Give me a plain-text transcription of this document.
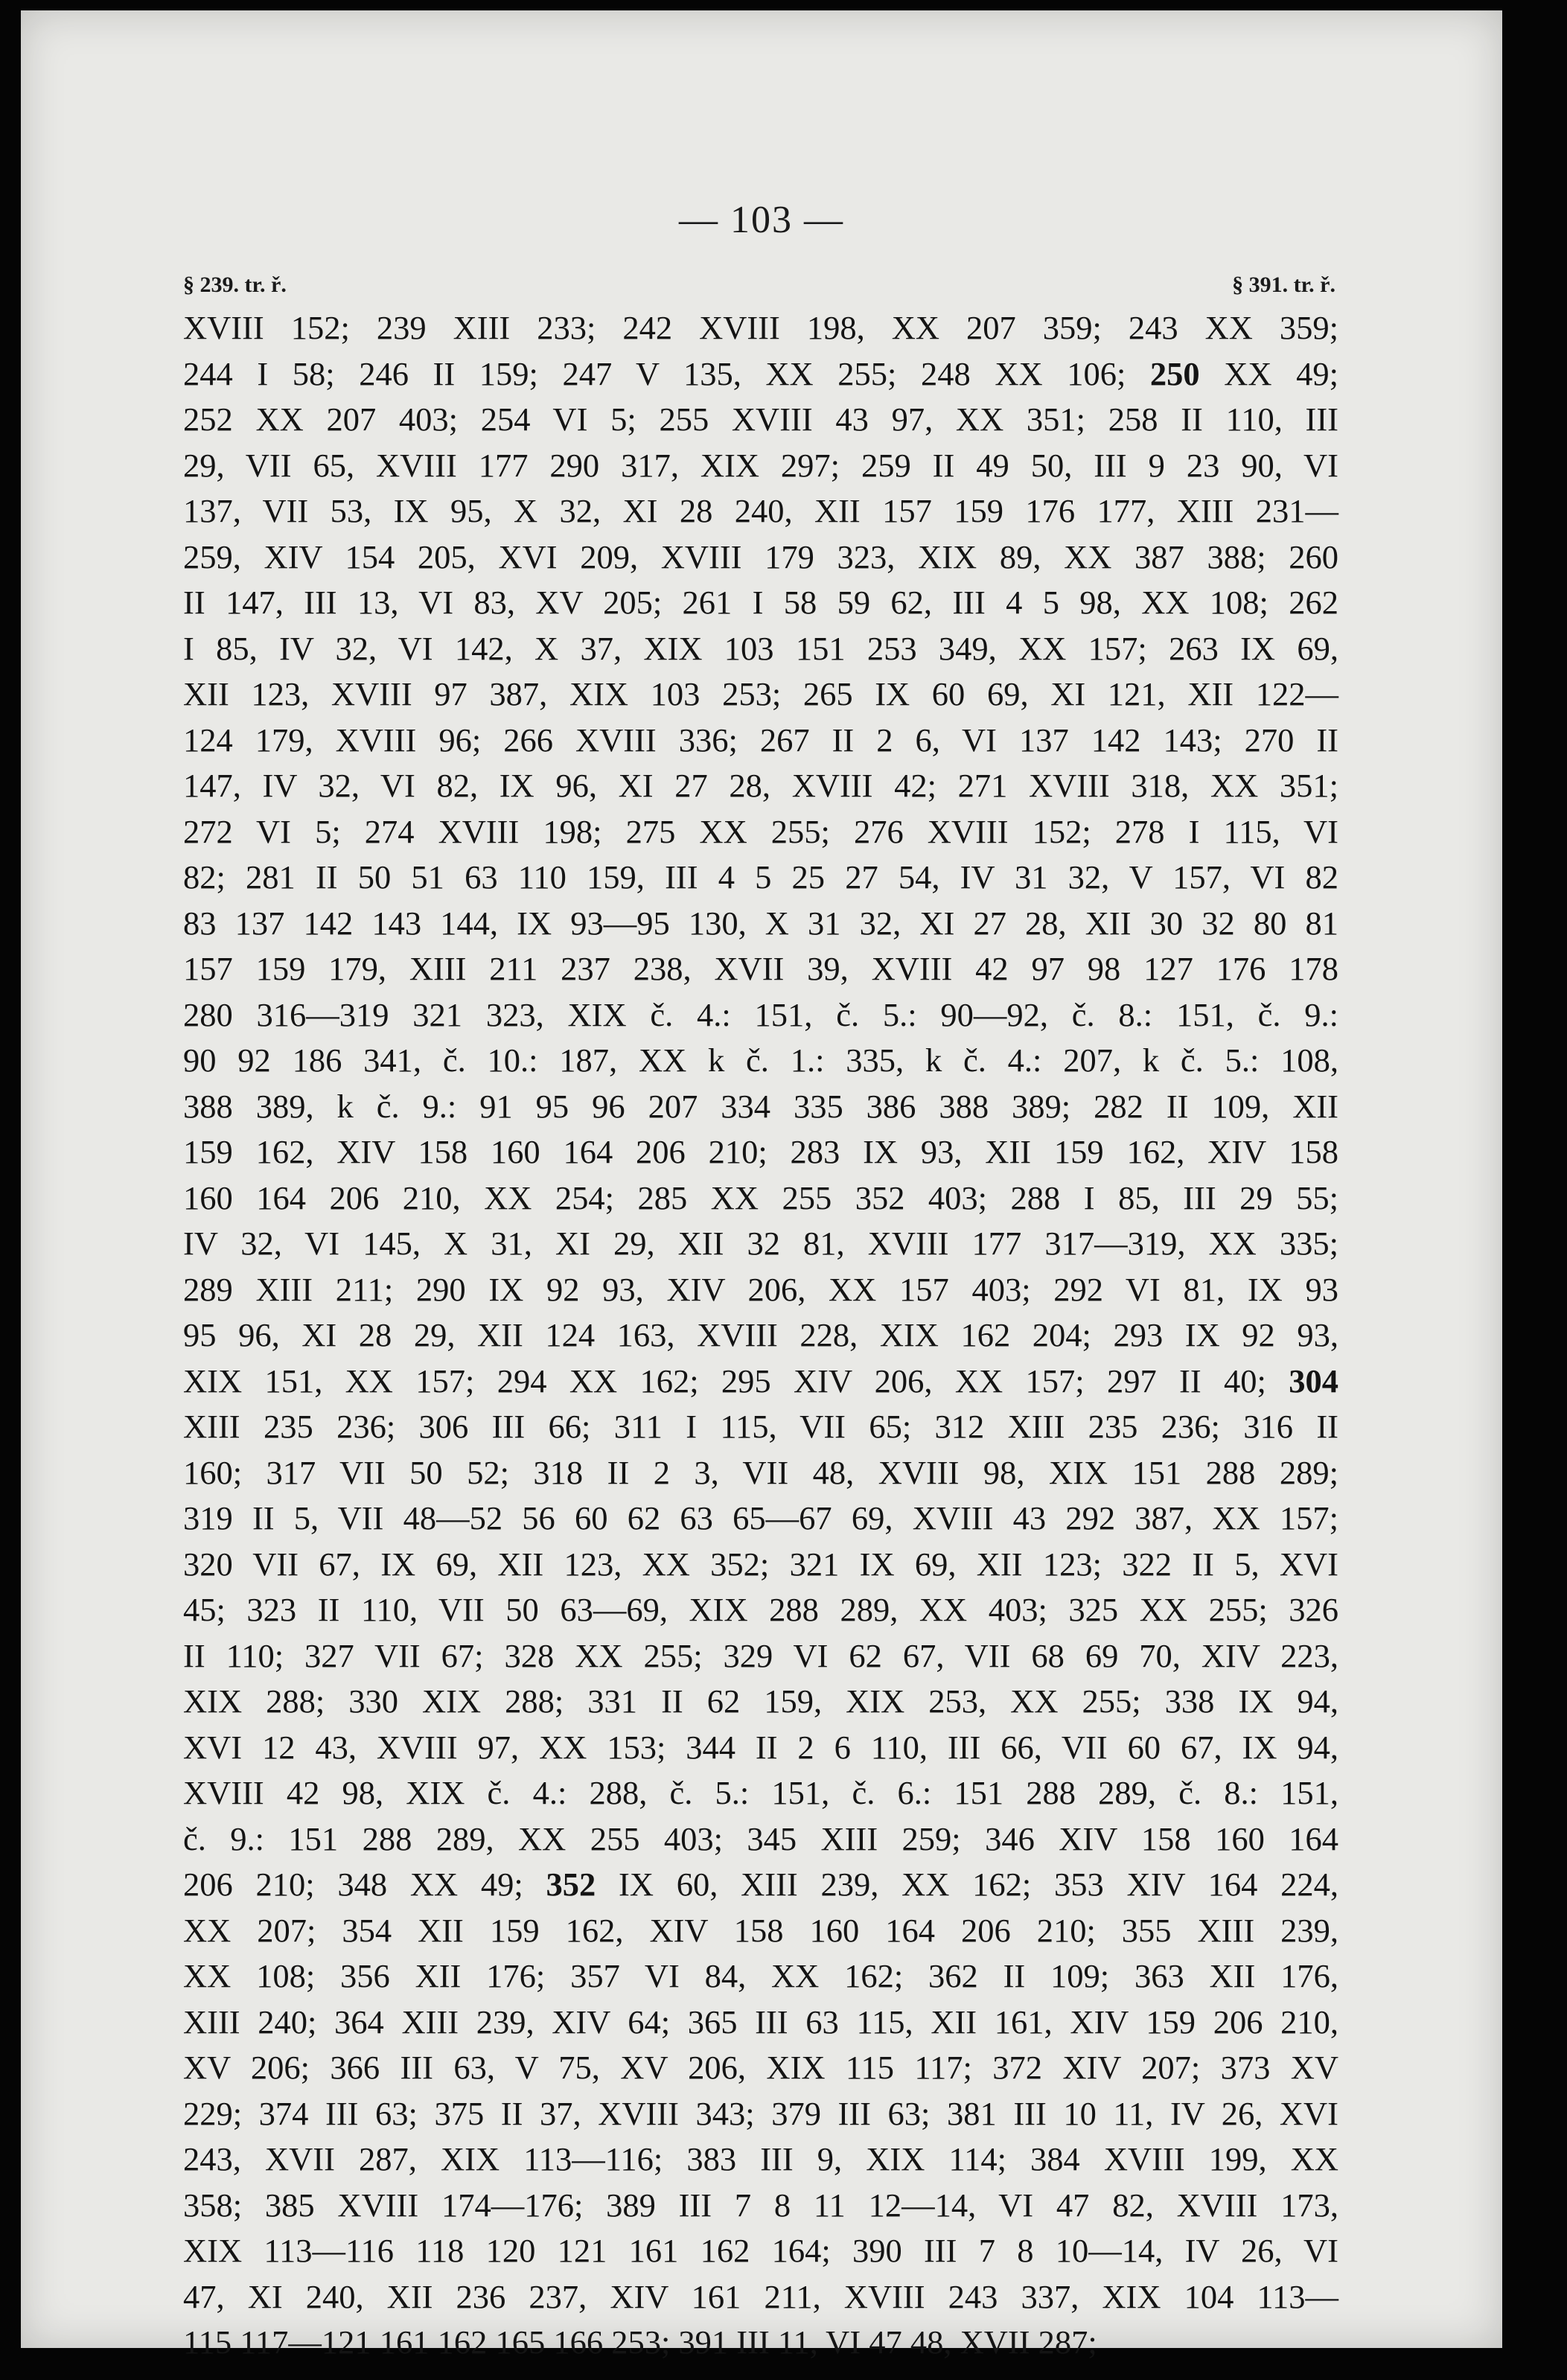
— 103 —
§ 239. tr. ř.	§ 391. tr. ř.
XVIII 152; 239 XIII 233; 242 XVIII 198, XX 207 359; 243 XX 359;
244 I 58; 246 II 159; 247 V 135, XX 255; 248 XX 106; 250 XX 49;
252 XX 207 403; 254 VI 5; 255 XVIII 43 97, XX 351; 258 II 110, III
29, VII 65, XVIII 177 290 317, XIX 297; 259 II 49 50, III 9 23 90, VI
137, VII 53, IX 95, X 32, XI 28 240, XII 157 159 176 177, XIII 231—
259, XIV 154 205, XVI 209, XVIII 179 323, XIX 89, XX 387 388; 260
II 147, III 13, VI 83, XV 205; 261 I 58 59 62, III 4 5 98, XX 108; 262
I 85, IV 32, VI 142, X 37, XIX 103 151 253 349, XX 157; 263 IX 69,
XII 123, XVIII 97 387, XIX 103 253; 265 IX 60 69, XI 121, XII 122—
124 179, XVIII 96; 266 XVIII 336; 267 II 2 6, VI 137 142 143; 270 II
147, IV 32, VI 82, IX 96, XI 27 28, XVIII 42; 271 XVIII 318, XX 351;
272 VI 5; 274 XVIII 198; 275 XX 255; 276 XVIII 152; 278 I 115, VI
82; 281 II 50 51 63 110 159, III 4 5 25 27 54, IV 31 32, V 157, VI 82
83 137 142 143 144, IX 93—95 130, X 31 32, XI 27 28, XII 30 32 80 81
157 159 179, XIII 211 237 238, XVII 39, XVIII 42 97 98 127 176 178
280 316—319 321 323, XIX č. 4.: 151, č. 5.: 90—92, č. 8.: 151, č. 9.:
90 92 186 341, č. 10.: 187, XX k č. 1.: 335, k č. 4.: 207, k č. 5.: 108,
388 389, k č. 9.: 91 95 96 207 334 335 386 388 389; 282 II 109, XII
159 162, XIV 158 160 164 206 210; 283 IX 93, XII 159 162, XIV 158
160 164 206 210, XX 254; 285 XX 255 352 403; 288 I 85, III 29 55;
IV 32, VI 145, X 31, XI 29, XII 32 81, XVIII 177 317—319, XX 335;
289 XIII 211; 290 IX 92 93, XIV 206, XX 157 403; 292 VI 81, IX 93
95 96, XI 28 29, XII 124 163, XVIII 228, XIX 162 204; 293 IX 92 93,
XIX 151, XX 157; 294 XX 162; 295 XIV 206, XX 157; 297 II 40; 304
XIII 235 236; 306 III 66; 311 I 115, VII 65; 312 XIII 235 236; 316 II
160; 317 VII 50 52; 318 II 2 3, VII 48, XVIII 98, XIX 151 288 289;
319 II 5, VII 48—52 56 60 62 63 65—67 69, XVIII 43 292 387, XX 157;
320 VII 67, IX 69, XII 123, XX 352; 321 IX 69, XII 123; 322 II 5, XVI
45; 323 II 110, VII 50 63—69, XIX 288 289, XX 403; 325 XX 255; 326
II 110; 327 VII 67; 328 XX 255; 329 VI 62 67, VII 68 69 70, XIV 223,
XIX 288; 330 XIX 288; 331 II 62 159, XIX 253, XX 255; 338 IX 94,
XVI 12 43, XVIII 97, XX 153; 344 II 2 6 110, III 66, VII 60 67, IX 94,
XVIII 42 98, XIX č. 4.: 288, č. 5.: 151, č. 6.: 151 288 289, č. 8.: 151,
č. 9.: 151 288 289, XX 255 403; 345 XIII 259; 346 XIV 158 160 164
206 210; 348 XX 49; 352 IX 60, XIII 239, XX 162; 353 XIV 164 224,
XX 207; 354 XII 159 162, XIV 158 160 164 206 210; 355 XIII 239,
XX 108; 356 XII 176; 357 VI 84, XX 162; 362 II 109; 363 XII 176,
XIII 240; 364 XIII 239, XIV 64; 365 III 63 115, XII 161, XIV 159 206 210,
XV 206; 366 III 63, V 75, XV 206, XIX 115 117; 372 XIV 207; 373 XV
229; 374 III 63; 375 II 37, XVIII 343; 379 III 63; 381 III 10 11, IV 26, XVI
243, XVII 287, XIX 113—116; 383 III 9, XIX 114; 384 XVIII 199, XX
358; 385 XVIII 174—176; 389 III 7 8 11 12—14, VI 47 82, XVIII 173,
XIX 113—116 118 120 121 161 162 164; 390 III 7 8 10—14, IV 26, VI
47, XI 240, XII 236 237, XIV 161 211, XVIII 243 337, XIX 104 113—
115 117—121 161 162 165 166 253; 391 III 11, VI 47 48, XVII 287;
